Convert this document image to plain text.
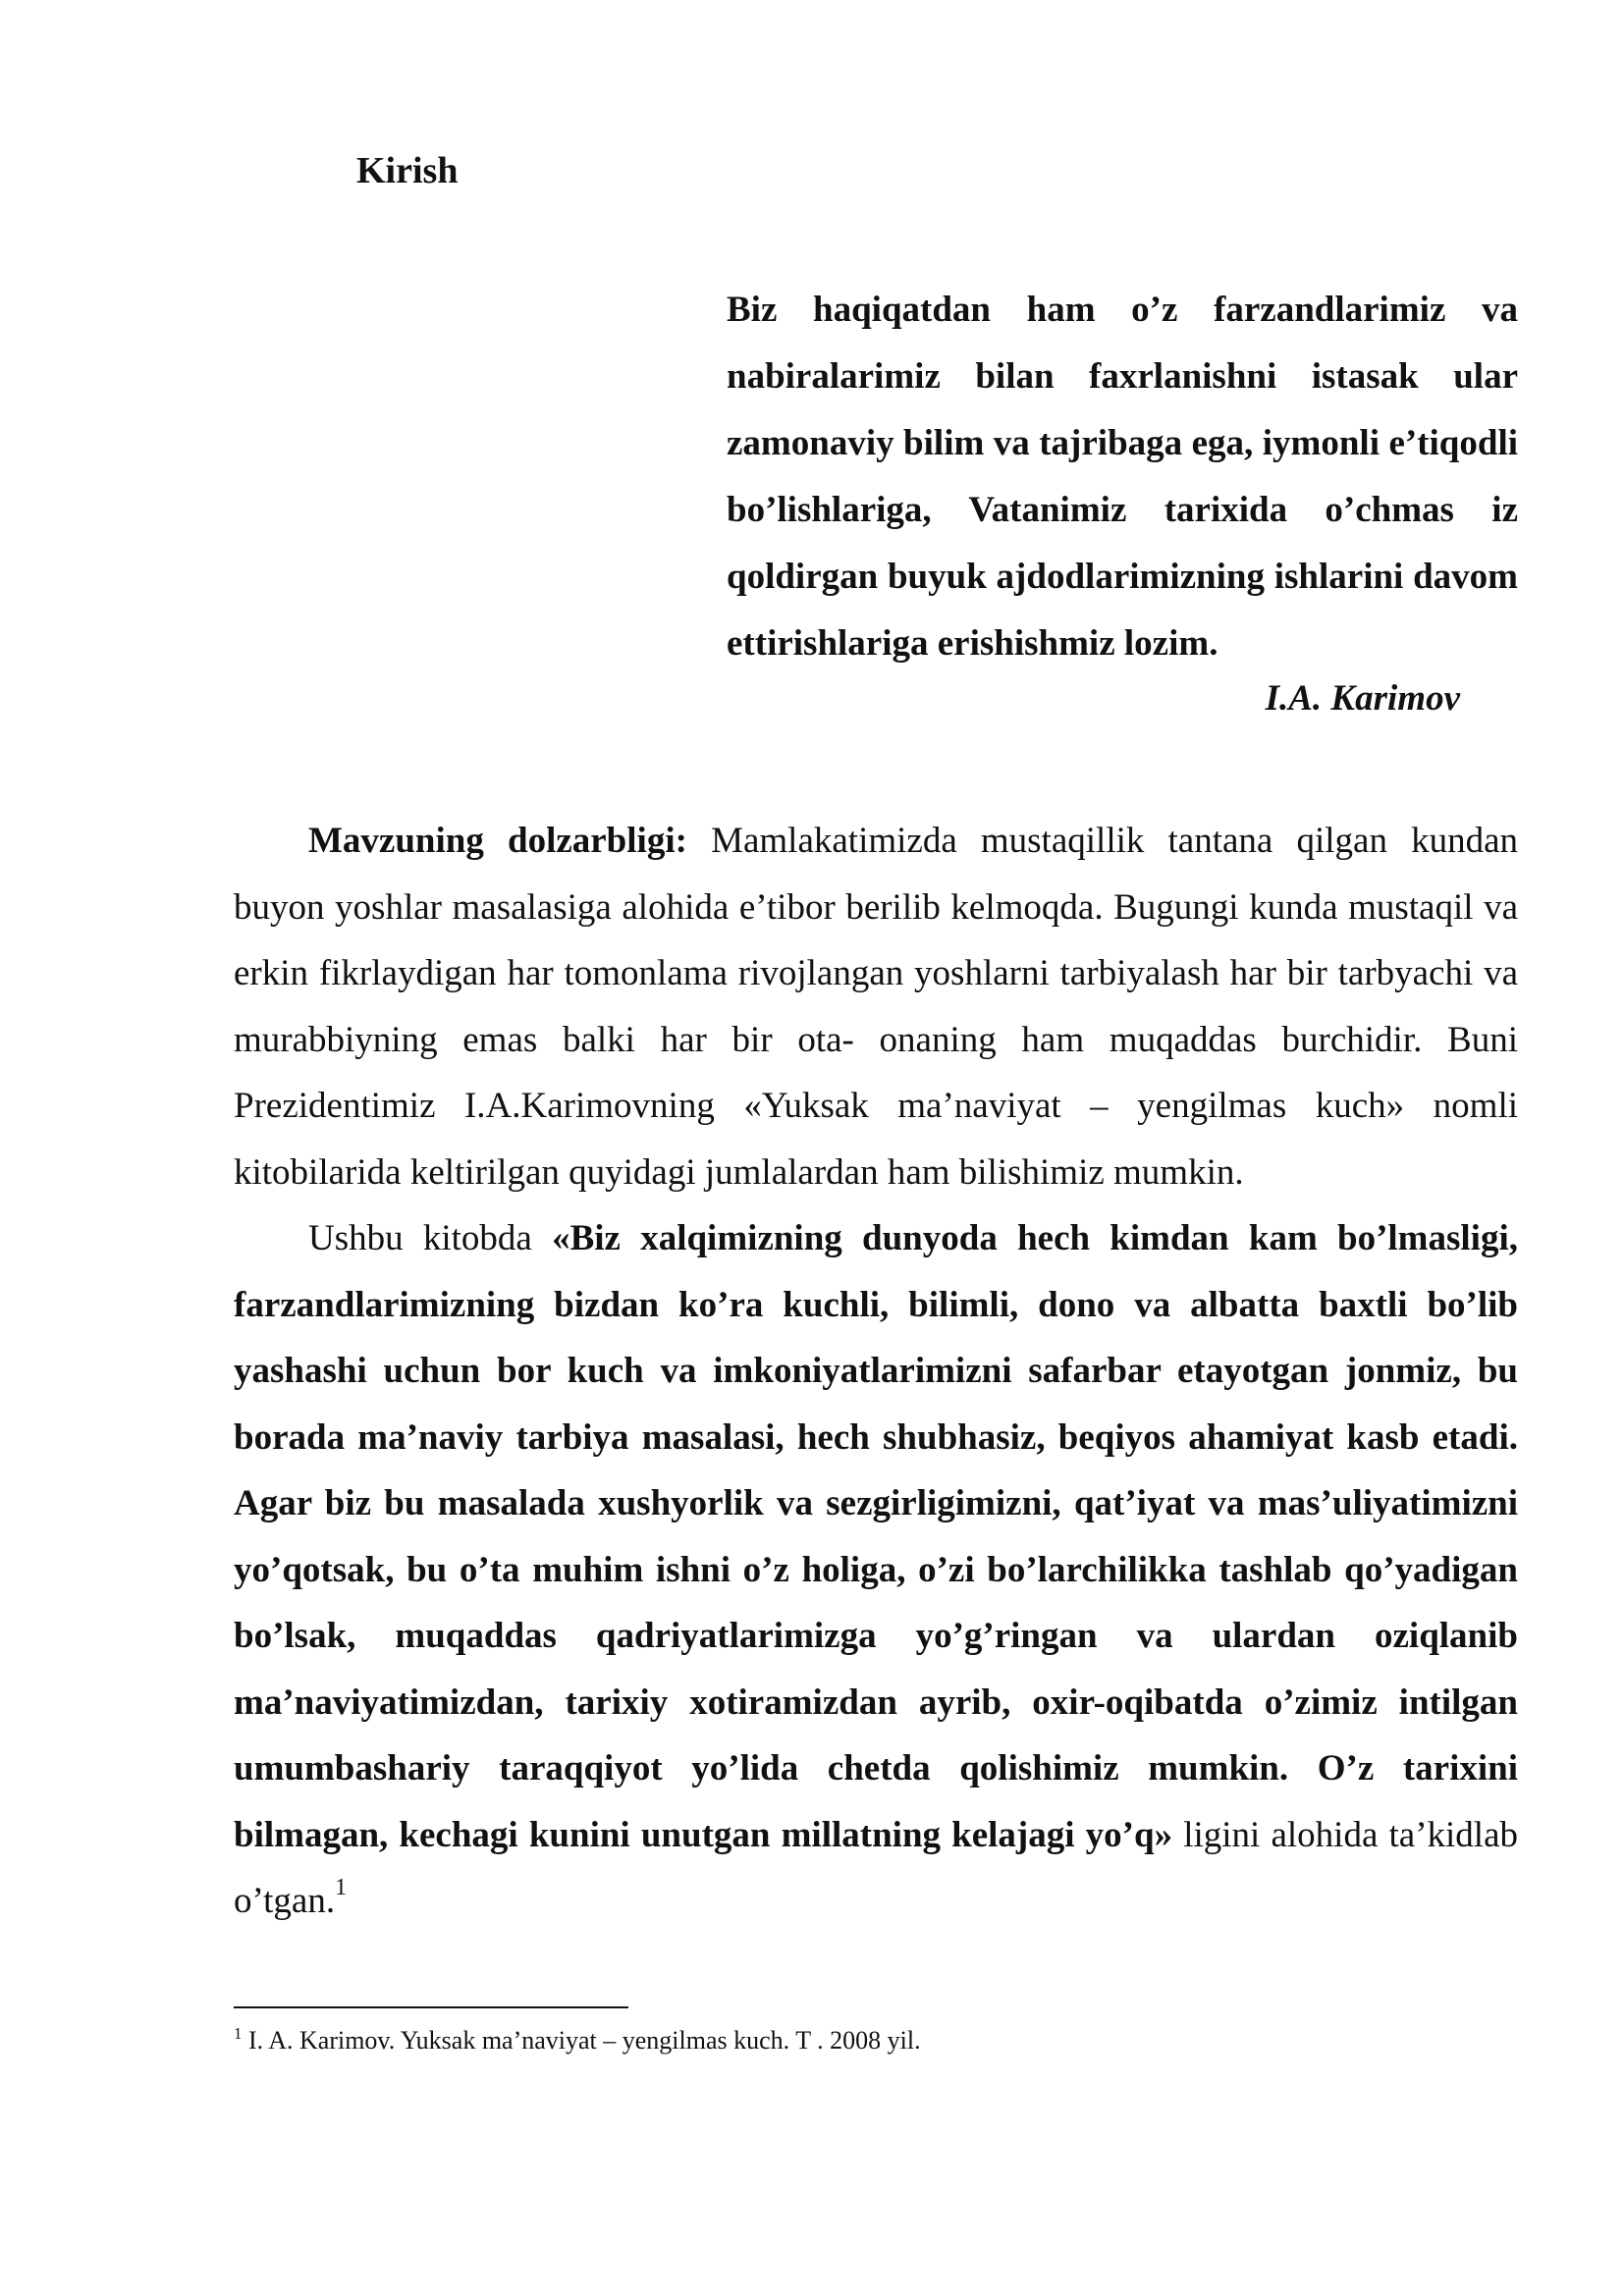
Kirish

Biz haqiqatdan ham o’z farzandlarimiz va nabiralarimiz bilan faxrlanishni istasak ular zamonaviy bilim va tajribaga ega, iymonli e’tiqodli bo’lishlariga, Vatanimiz tarixida o’chmas iz qoldirgan buyuk ajdodlarimizning ishlarini davom ettirishlariga erishishmiz lozim.

I.A. Karimov

Mavzuning dolzarbligi: Mamlakatimizda mustaqillik tantana qilgan kundan buyon yoshlar masalasiga alohida e’tibor berilib kelmoqda. Bugungi kunda mustaqil va erkin fikrlaydigan har tomonlama rivojlangan yoshlarni tarbiyalash har bir tarbyachi va murabbiyning emas balki har bir ota- onaning ham muqaddas burchidir. Buni Prezidentimiz I.A.Karimovning «Yuksak ma’naviyat – yengilmas kuch» nomli kitobilarida keltirilgan quyidagi jumlalardan ham bilishimiz mumkin.

Ushbu kitobda «Biz xalqimizning dunyoda hech kimdan kam bo’lmasligi, farzandlarimizning bizdan ko’ra kuchli, bilimli, dono va albatta baxtli bo’lib yashashi uchun bor kuch va imkoniyatlarimizni safarbar etayotgan jonmiz, bu borada ma’naviy tarbiya masalasi, hech shubhasiz, beqiyos ahamiyat kasb etadi. Agar biz bu masalada xushyorlik va sezgirligimizni, qat’iyat va mas’uliyatimizni yo’qotsak, bu o’ta muhim ishni o’z holiga, o’zi bo’larchilikka tashlab qo’yadigan bo’lsak, muqaddas qadriyatlarimizga yo’g’ringan va ulardan oziqlanib ma’naviyatimizdan, tarixiy xotiramizdan ayrib, oxir-oqibatda o’zimiz intilgan umumbashariy taraqqiyot yo’lida chetda qolishimiz mumkin. O’z tarixini bilmagan, kechagi kunini unutgan millatning kelajagi yo’q» ligini alohida ta’kidlab o’tgan.$^1$

$^1$ I. A. Karimov. Yuksak ma’naviyat – yengilmas kuch. T . 2008 yil.
